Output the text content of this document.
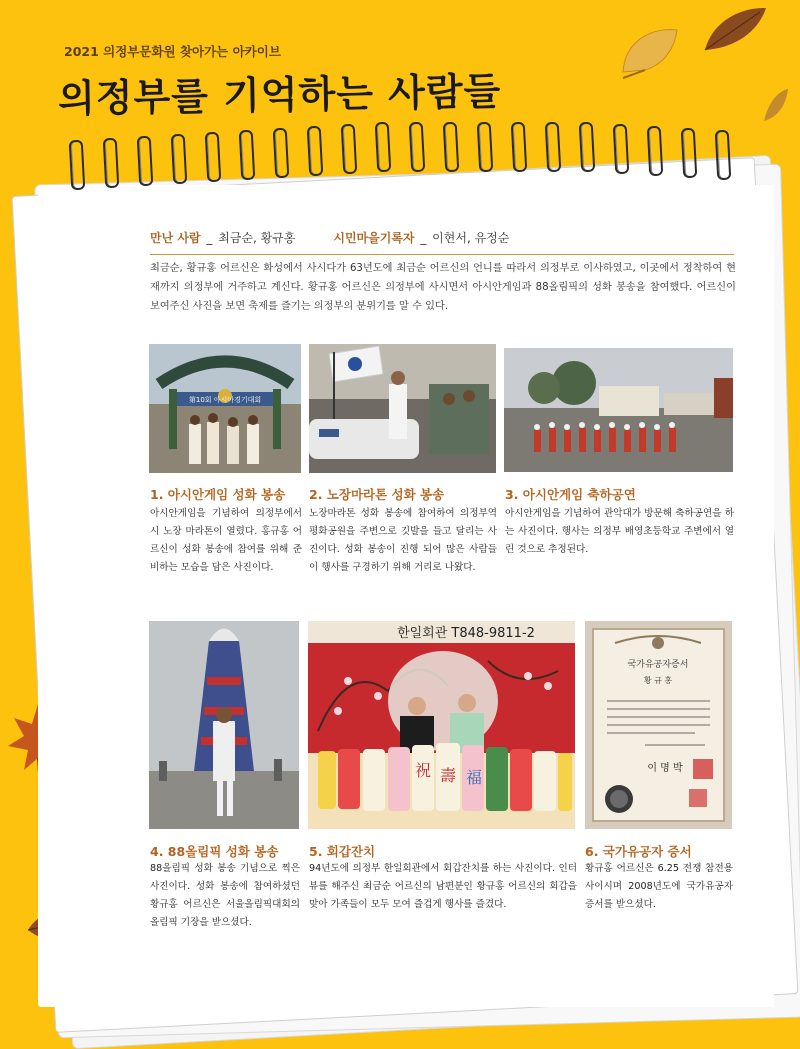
2021 의정부문화원 찾아가는 아카이브
의정부를 기억하는 사람들
만난 사람 _ 최금순, 황규홍	시민마을기록자 _ 이현서, 유정순
최금순, 황규홍 어르신은 화성에서 사시다가 63년도에 최금순 어르신의 언니를 따라서 의정부로 이사하였고, 이곳에서 정착하여 현재까지 의정부에 거주하고 계신다. 황규홍 어르신은 의정부에 사시면서 아시안게임과 88올림픽의 성화 봉송을 참여했다. 어르신이 보여주신 사진을 보면 축제를 즐기는 의정부의 분위기를 알 수 있다.
第10회 아시아경기대회
1. 아시안게임 성화 봉송
아시안게임을 기념하여 의정부에서 시 노장 마라톤이 열렸다. 홍규홍 어르신이 성화 봉송에 참여를 위해 준비하는 모습을 담은 사진이다.
2. 노장마라톤 성화 봉송
노장마라톤 성화 봉송에 참여하여 의정부역 평화공원을 주변으로 깃발을 들고 달리는 사진이다. 성화 봉송이 진행 되어 많은 사람들이 행사를 구경하기 위해 거리로 나왔다.
3. 아시안게임 축하공연
아시안게임을 기념하여 관악대가 방문해 축하공연을 하는 사진이다. 행사는 의정부 배영초등학교 주변에서 열린 것으로 추정된다.
4. 88올림픽 성화 봉송
88올림픽 성화 봉송 기념으로 찍은 사진이다. 성화 봉송에 참여하셨던 황규홍 어르신은 서울올림픽대회의 올림픽 기장을 받으셨다.
한일회관 T848-9811-2
祝 壽 福
5. 회갑잔치
94년도에 의정부 한일회관에서 회갑잔치를 하는 사진이다. 인터뷰를 해주신 최금순 어르신의 남편분인 황규홍 어르신의 회갑을 맞아 가족들이 모두 모여 즐겁게 행사를 즐겼다.
국가유공자증서
황 규 홍
이 명 박
6. 국가유공자 증서
황규홍 어르신은 6.25 전쟁 참전용사이시며 2008년도에 국가유공자 증서를 받으셨다.
